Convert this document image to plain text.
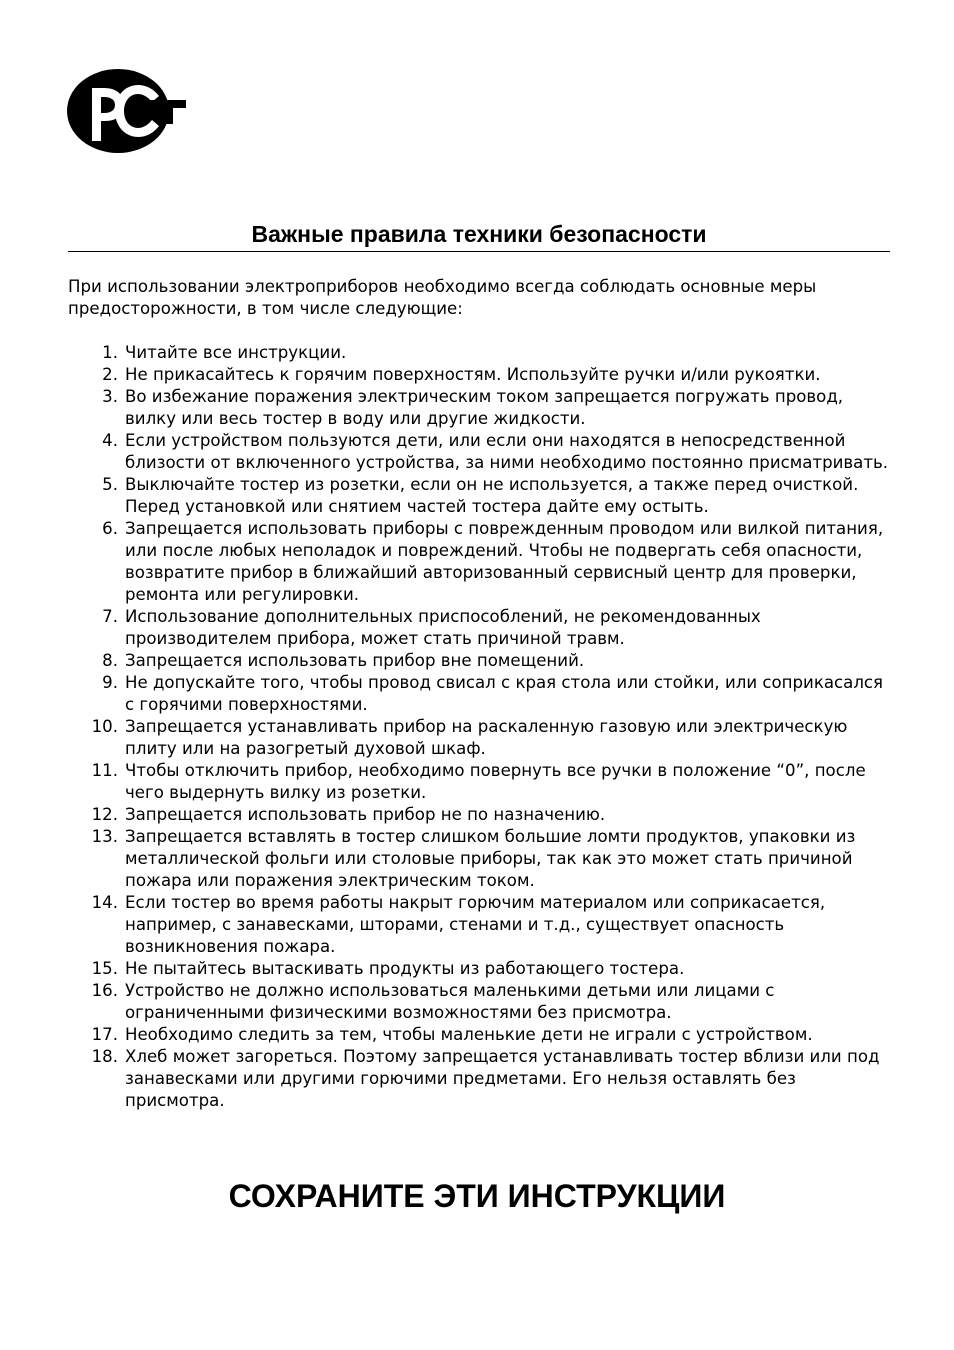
Важные правила техники безопасности

При использовании электроприборов необходимо всегда соблюдать основные меры предосторожности, в том числе следующие:

1. Читайте все инструкции.
2. Не прикасайтесь к горячим поверхностям. Используйте ручки и/или рукоятки.
3. Во избежание поражения электрическим током запрещается погружать провод, вилку или весь тостер в воду или другие жидкости.
4. Если устройством пользуются дети, или если они находятся в непосредственной близости от включенного устройства, за ними необходимо постоянно присматривать.
5. Выключайте тостер из розетки, если он не используется, а также перед очисткой. Перед установкой или снятием частей тостера дайте ему остыть.
6. Запрещается использовать приборы с поврежденным проводом или вилкой питания, или после любых неполадок и повреждений. Чтобы не подвергать себя опасности, возвратите прибор в ближайший авторизованный сервисный центр для проверки, ремонта или регулировки.
7. Использование дополнительных приспособлений, не рекомендованных производителем прибора, может стать причиной травм.
8. Запрещается использовать прибор вне помещений.
9. Не допускайте того, чтобы провод свисал с края стола или стойки, или соприкасался с горячими поверхностями.
10. Запрещается устанавливать прибор на раскаленную газовую или электрическую плиту или на разогретый духовой шкаф.
11. Чтобы отключить прибор, необходимо повернуть все ручки в положение “0”, после чего выдернуть вилку из розетки.
12. Запрещается использовать прибор не по назначению.
13. Запрещается вставлять в тостер слишком большие ломти продуктов, упаковки из металлической фольги или столовые приборы, так как это может стать причиной пожара или поражения электрическим током.
14. Если тостер во время работы накрыт горючим материалом или соприкасается, например, с занавесками, шторами, стенами и т.д., существует опасность возникновения пожара.
15. Не пытайтесь вытаскивать продукты из работающего тостера.
16. Устройство не должно использоваться маленькими детьми или лицами с ограниченными физическими возможностями без присмотра.
17. Необходимо следить за тем, чтобы маленькие дети не играли с устройством.
18. Хлеб может загореться. Поэтому запрещается устанавливать тостер вблизи или под занавесками или другими горючими предметами. Его нельзя оставлять без присмотра.
СОХРАНИТЕ ЭТИ ИНСТРУКЦИИ
